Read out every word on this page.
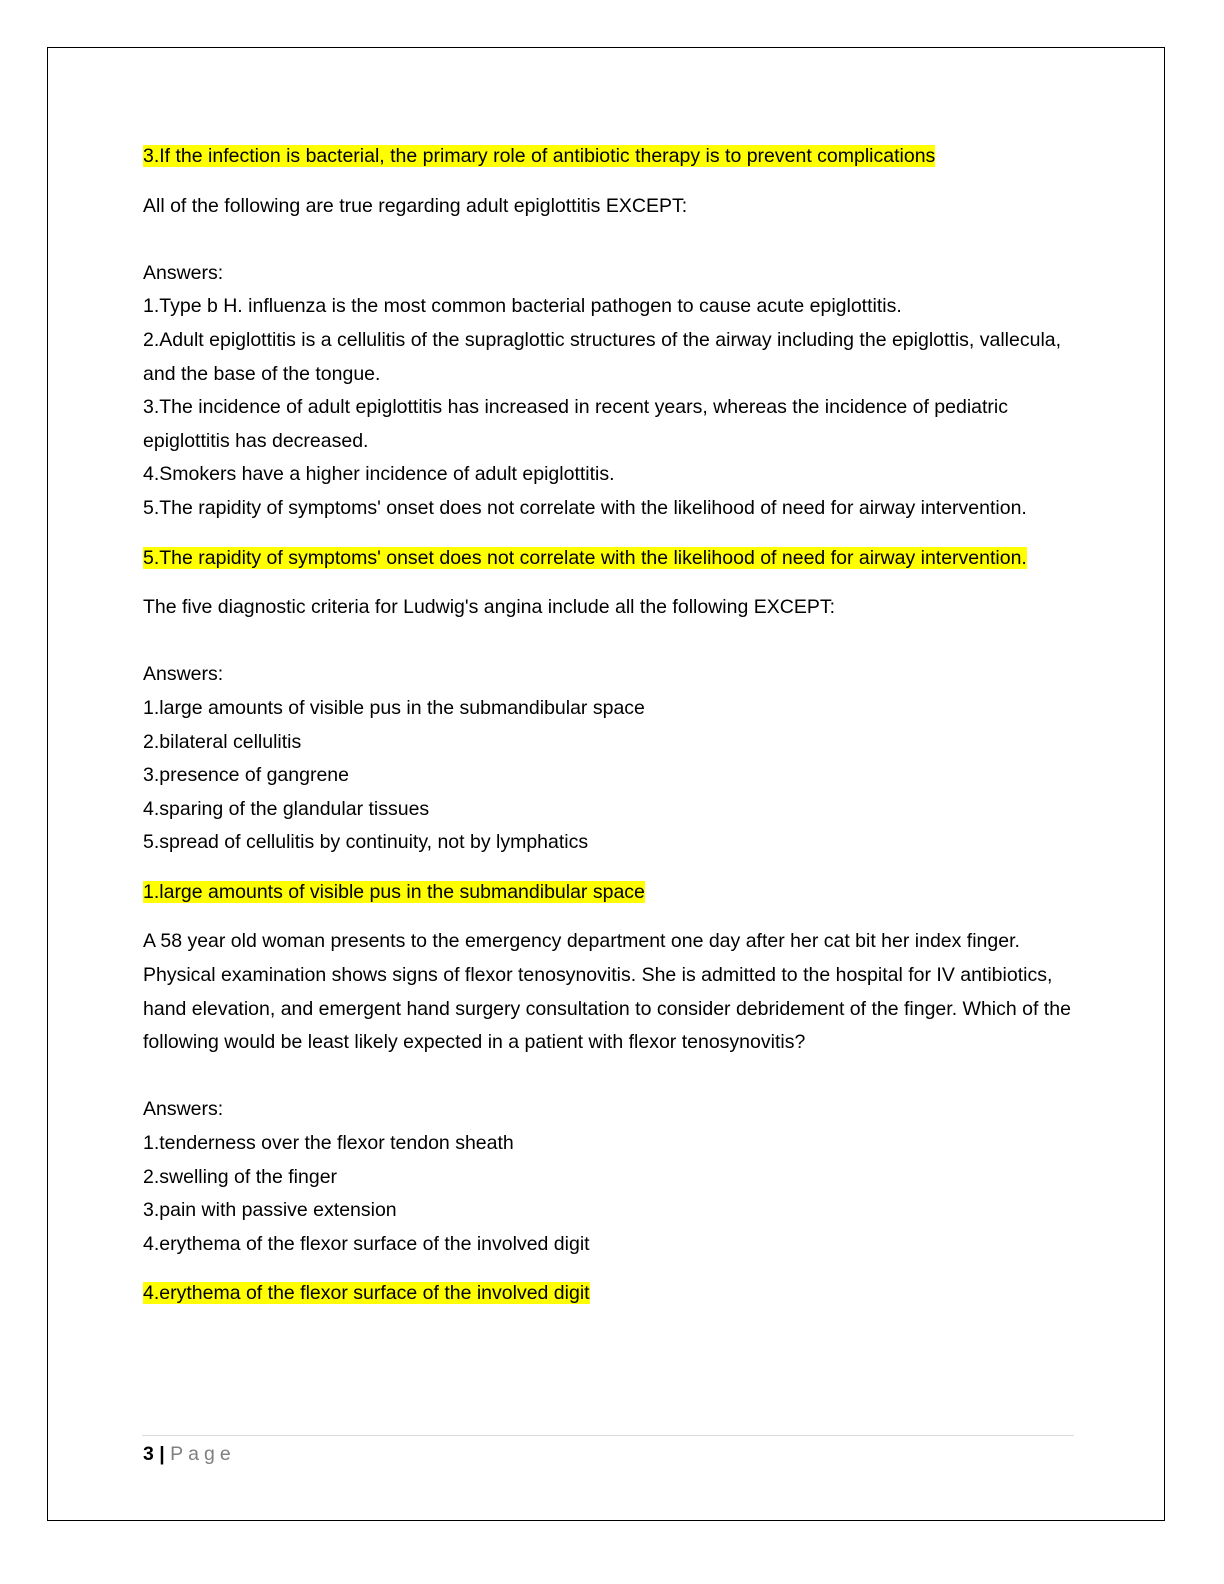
3.If the infection is bacterial, the primary role of antibiotic therapy is to prevent complications

All of the following are true regarding adult epiglottitis EXCEPT:

Answers:

1.Type b H. influenza is the most common bacterial pathogen to cause acute epiglottitis.

2.Adult epiglottitis is a cellulitis of the supraglottic structures of the airway including the epiglottis, vallecula, and the base of the tongue.

3.The incidence of adult epiglottitis has increased in recent years, whereas the incidence of pediatric epiglottitis has decreased.

4.Smokers have a higher incidence of adult epiglottitis.

5.The rapidity of symptoms' onset does not correlate with the likelihood of need for airway intervention.

5.The rapidity of symptoms' onset does not correlate with the likelihood of need for airway intervention.

The five diagnostic criteria for Ludwig's angina include all the following EXCEPT:

Answers:

1.large amounts of visible pus in the submandibular space

2.bilateral cellulitis

3.presence of gangrene

4.sparing of the glandular tissues

5.spread of cellulitis by continuity, not by lymphatics

1.large amounts of visible pus in the submandibular space

A 58 year old woman presents to the emergency department one day after her cat bit her index finger. Physical examination shows signs of flexor tenosynovitis. She is admitted to the hospital for IV antibiotics, hand elevation, and emergent hand surgery consultation to consider debridement of the finger. Which of the following would be least likely expected in a patient with flexor tenosynovitis?

Answers:

1.tenderness over the flexor tendon sheath

2.swelling of the finger

3.pain with passive extension

4.erythema of the flexor surface of the involved digit

4.erythema of the flexor surface of the involved digit

3 | Page
